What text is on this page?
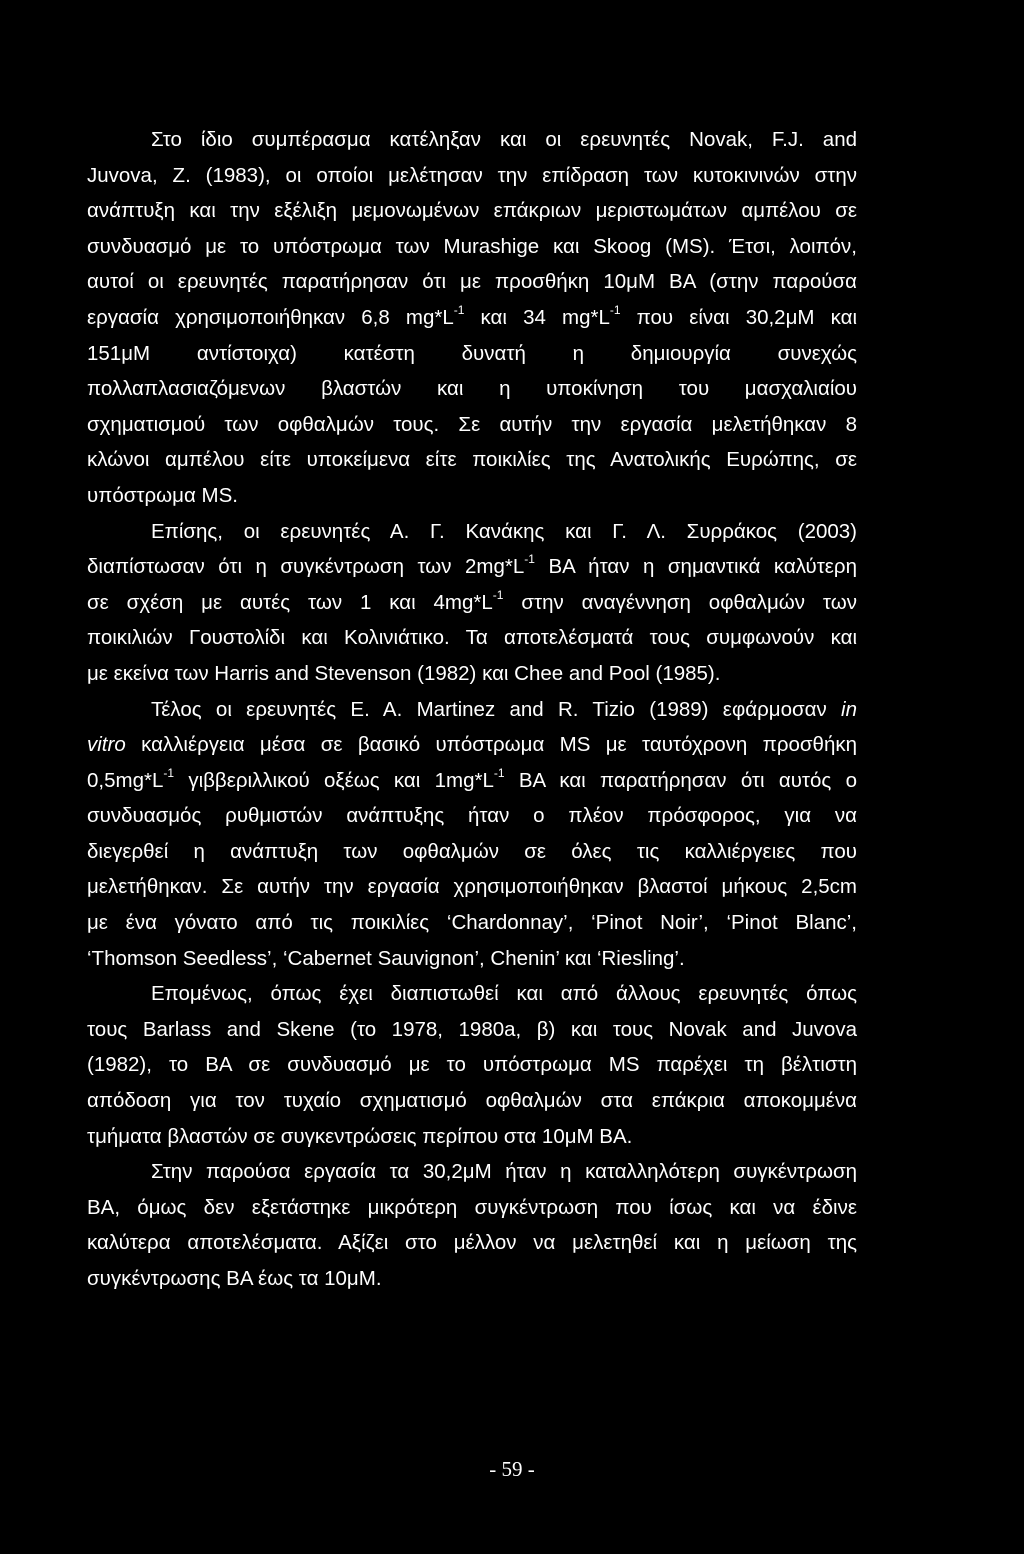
Στο ίδιο συμπέρασμα κατέληξαν και οι ερευνητές Novak, F.J. and
Juvova, Z. (1983), οι οποίοι μελέτησαν την επίδραση των κυτοκινινών στην
ανάπτυξη και την εξέλιξη μεμονωμένων επάκριων μεριστωμάτων αμπέλου σε
συνδυασμό με το υπόστρωμα των Murashige και Skoog (MS). Έτσι, λοιπόν,
αυτοί οι ερευνητές παρατήρησαν ότι με προσθήκη 10μΜ ΒΑ (στην παρούσα
εργασία χρησιμοποιήθηκαν 6,8 $mg*L^{-1}$ και 34 $mg*L^{-1}$ που είναι 30,2μΜ και
151μΜ αντίστοιχα) κατέστη δυνατή η δημιουργία συνεχώς
πολλαπλασιαζόμενων βλαστών και η υποκίνηση του μασχαλιαίου
σχηματισμού των οφθαλμών τους. Σε αυτήν την εργασία μελετήθηκαν 8
κλώνοι αμπέλου είτε υποκείμενα είτε ποικιλίες της Ανατολικής Ευρώπης, σε
υπόστρωμα MS.

Επίσης, οι ερευνητές Α. Γ. Κανάκης και Γ. Λ. Συρράκος (2003)
διαπίστωσαν ότι η συγκέντρωση των $2mg*L^{-1}$ ΒΑ ήταν η σημαντικά καλύτερη
σε σχέση με αυτές των 1 και $4mg*L^{-1}$ στην αναγέννηση οφθαλμών των
ποικιλιών Γουστολίδι και Κολινιάτικο. Τα αποτελέσματά τους συμφωνούν και
με εκείνα των Harris and Stevenson (1982) και Chee and Pool (1985).

Τέλος οι ερευνητές Ε. Α. Martinez and R. Tizio (1989) εφάρμοσαν in
vitro καλλιέργεια μέσα σε βασικό υπόστρωμα MS με ταυτόχρονη προσθήκη
$0,5mg*L^{-1}$ γιββεριλλικού οξέως και $1mg*L^{-1}$ ΒΑ και παρατήρησαν ότι αυτός ο
συνδυασμός ρυθμιστών ανάπτυξης ήταν ο πλέον πρόσφορος, για να
διεγερθεί η ανάπτυξη των οφθαλμών σε όλες τις καλλιέργειες που
μελετήθηκαν. Σε αυτήν την εργασία χρησιμοποιήθηκαν βλαστοί μήκους 2,5cm
με ένα γόνατο από τις ποικιλίες ‘Chardonnay’, ‘Pinot Noir’, ‘Pinot Blanc’,
‘Thomson Seedless’, ‘Cabernet Sauvignon’, Chenin’ και ‘Riesling’.

Επομένως, όπως έχει διαπιστωθεί και από άλλους ερευνητές όπως
τους Barlass and Skene (το 1978, 1980a, β) και τους Novak and Juvova
(1982), το ΒΑ σε συνδυασμό με το υπόστρωμα MS παρέχει τη βέλτιστη
απόδοση για τον τυχαίο σχηματισμό οφθαλμών στα επάκρια αποκομμένα
τμήματα βλαστών σε συγκεντρώσεις περίπου στα 10μΜ ΒΑ.

Στην παρούσα εργασία τα 30,2μΜ ήταν η καταλληλότερη συγκέντρωση
ΒΑ, όμως δεν εξετάστηκε μικρότερη συγκέντρωση που ίσως και να έδινε
καλύτερα αποτελέσματα. Αξίζει στο μέλλον να μελετηθεί και η μείωση της
συγκέντρωσης ΒΑ έως τα 10μΜ.

- 59 -
